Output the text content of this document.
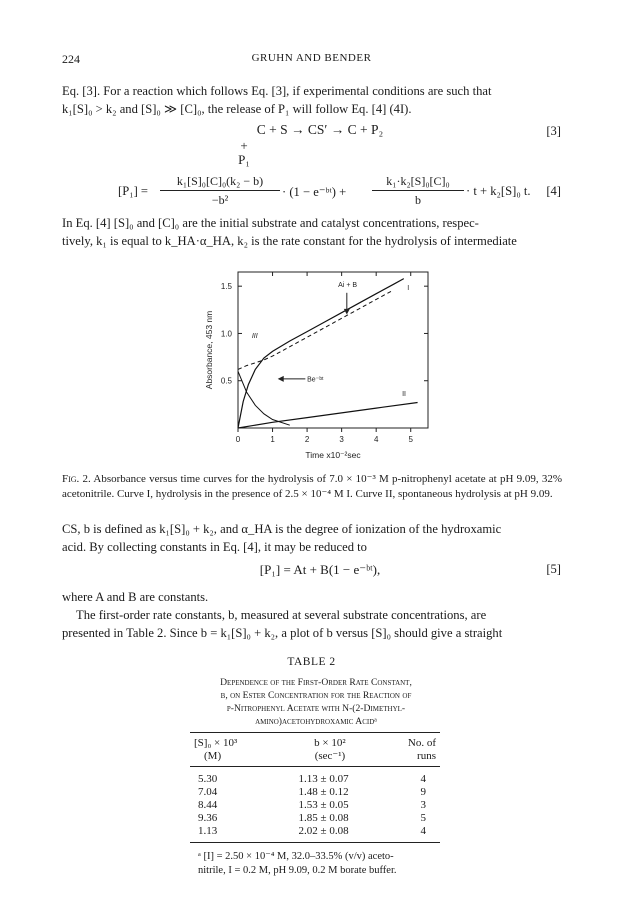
224	GRUHN AND BENDER
Eq. [3]. For a reaction which follows Eq. [3], if experimental conditions are such that
k₁[S]₀ > k₂ and [S]₀ ≫ [C]₀, the release of P₁ will follow Eq. [4] (4I).
C + S → CS′ → C + P₂
+
P₁
[3]
[P₁] =
k₁[S]₀[C]₀(k₂ − b)
−b²
· (1 − e⁻ᵇᵗ) +
k₁·k₂[S]₀[C]₀
b
· t + k₂[S]₀ t. [4]
In Eq. [4] [S]₀ and [C]₀ are the initial substrate and catalyst concentrations, respec-
tively, k₁ is equal to k_HA·α_HA, k₂ is the rate constant for the hydrolysis of intermediate
0	1	2	3	4	5
0.5
1.0
1.5
Time x10⁻²sec
Absorbance, 453 nm
Ai + B	I
II
III
Be⁻ᵇᵗ
Fig. 2. Absorbance versus time curves for the hydrolysis of 7.0 × 10⁻³ M p-nitrophenyl acetate at pH 9.09, 32% acetonitrile. Curve I, hydrolysis in the presence of 2.5 × 10⁻⁴ M I. Curve II, spontaneous hydrolysis at pH 9.09.
CS, b is defined as k₁[S]₀ + k₂, and α_HA is the degree of ionization of the hydroxamic
acid. By collecting constants in Eq. [4], it may be reduced to
[P₁] = At + B(1 − e⁻ᵇᵗ),	[5]
where A and B are constants.
The first-order rate constants, b, measured at several substrate concentrations, are
presented in Table 2. Since b = k₁[S]₀ + k₂, a plot of b versus [S]₀ should give a straight
TABLE 2
Dependence of the First-Order Rate Constant,
b, on Ester Concentration for the Reaction of
p-Nitrophenyl Acetate with N-(2-Dimethyl-
amino)acetohydroxamic Acidᵃ
[S]₀ × 10³	b × 10²	No. of
(M)	(sec⁻¹)	runs
5.30	1.13 ± 0.07	4
7.04	1.48 ± 0.12	9
8.44	1.53 ± 0.05	3
9.36	1.85 ± 0.08	5
1.13	2.02 ± 0.08	4
ᵃ [I] = 2.50 × 10⁻⁴ M, 32.0–33.5% (v/v) aceto-
nitrile, I = 0.2 M, pH 9.09, 0.2 M borate buffer.
